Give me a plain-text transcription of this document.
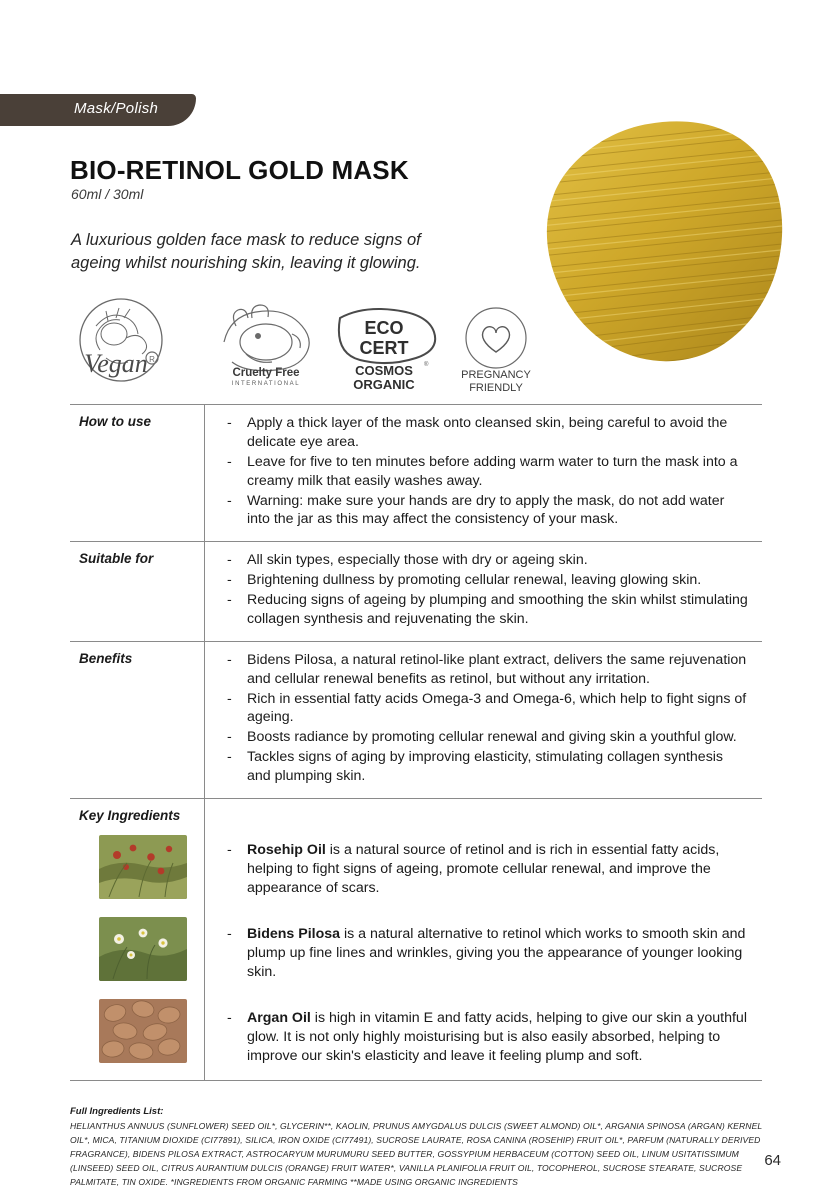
Mask/Polish
BIO-RETINOL GOLD MASK
60ml / 30ml
A luxurious golden face mask to reduce signs of ageing whilst nourishing skin, leaving it glowing.
Vegan R
Cruelty Free
INTERNATIONAL
ECO
CERT
®
COSMOS
ORGANIC
PREGNANCY
FRIENDLY
How to use	- Apply a thick layer of the mask onto cleansed skin, being careful to avoid the delicate eye area.
- Leave for five to ten minutes before adding warm water to turn the mask into a creamy milk that easily washes away.
- Warning: make sure your hands are dry to apply the mask, do not add water into the jar as this may affect the consistency of your mask.
Suitable for	- All skin types, especially those with dry or ageing skin.
- Brightening dullness by promoting cellular renewal, leaving glowing skin.
- Reducing signs of ageing by plumping and smoothing the skin whilst stimulating collagen synthesis and rejuvenating the skin.
Benefits	- Bidens Pilosa, a natural retinol-like plant extract, delivers the same rejuvenation and cellular renewal benefits as retinol, but without any irritation.
- Rich in essential fatty acids Omega-3 and Omega-6, which help to fight signs of ageing.
- Boosts radiance by promoting cellular renewal and giving skin a youthful glow.
- Tackles signs of aging by improving elasticity, stimulating collagen synthesis and plumping skin.
Key Ingredients
- Rosehip Oil is a natural source of retinol and is rich in essential fatty acids, helping to fight signs of ageing, promote cellular renewal, and improve the appearance of scars.
- Bidens Pilosa is a natural alternative to retinol which works to smooth skin and plump up fine lines and wrinkles, giving you the appearance of younger looking skin.
- Argan Oil is high in vitamin E and fatty acids, helping to give our skin a youthful glow. It is not only highly moisturising but is also easily absorbed, helping to improve our skin's elasticity and leave it feeling plump and soft.
Full Ingredients List:
HELIANTHUS ANNUUS (SUNFLOWER) SEED OIL*, GLYCERIN**, KAOLIN, PRUNUS AMYGDALUS DULCIS (SWEET ALMOND) OIL*, ARGANIA SPINOSA (ARGAN) KERNEL OIL*, MICA, TITANIUM DIOXIDE (CI77891), SILICA, IRON OXIDE (CI77491), SUCROSE LAURATE, ROSA CANINA (ROSEHIP) FRUIT OIL*, PARFUM (NATURALLY DERIVED FRAGRANCE), BIDENS PILOSA EXTRACT, ASTROCARYUM MURUMURU SEED BUTTER, GOSSYPIUM HERBACEUM (COTTON) SEED OIL, LINUM USITATISSIMUM (LINSEED) SEED OIL, CITRUS AURANTIUM DULCIS (ORANGE) FRUIT WATER*, VANILLA PLANIFOLIA FRUIT OIL, TOCOPHEROL, SUCROSE STEARATE, SUCROSE PALMITATE, TIN OXIDE. *INGREDIENTS FROM ORGANIC FARMING **MADE USING ORGANIC INGREDIENTS
64
